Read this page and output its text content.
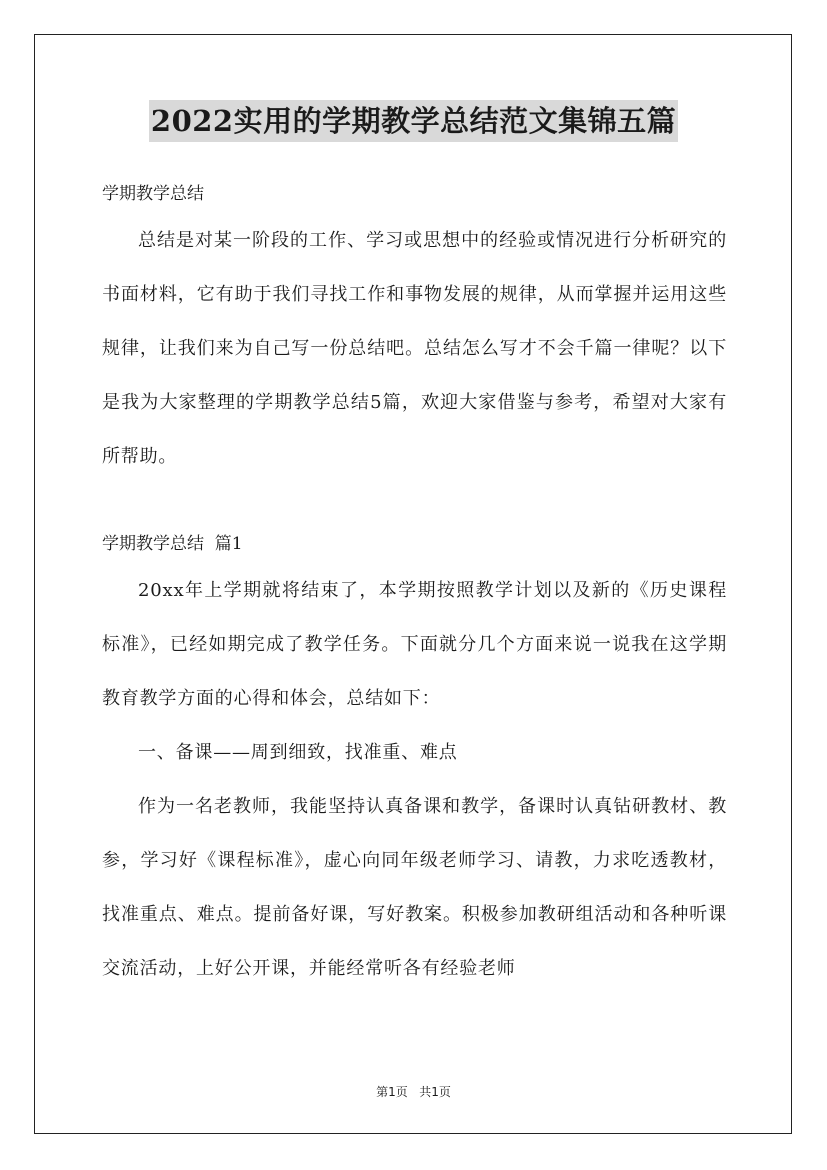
2022实用的学期教学总结范文集锦五篇

学期教学总结

总结是对某一阶段的工作、学习或思想中的经验或情况进行分析研究的书面材料，它有助于我们寻找工作和事物发展的规律，从而掌握并运用这些规律，让我们来为自己写一份总结吧。总结怎么写才不会千篇一律呢？以下是我为大家整理的学期教学总结5篇，欢迎大家借鉴与参考，希望对大家有所帮助。

学期教学总结  篇1

20xx年上学期就将结束了，本学期按照教学计划以及新的《历史课程标准》，已经如期完成了教学任务。下面就分几个方面来说一说我在这学期教育教学方面的心得和体会，总结如下：

一、备课——周到细致，找准重、难点

作为一名老教师，我能坚持认真备课和教学，备课时认真钻研教材、教参，学习好《课程标准》，虚心向同年级老师学习、请教，力求吃透教材，找准重点、难点。提前备好课，写好教案。积极参加教研组活动和各种听课交流活动，上好公开课，并能经常听各有经验老师

第1页   共1页
